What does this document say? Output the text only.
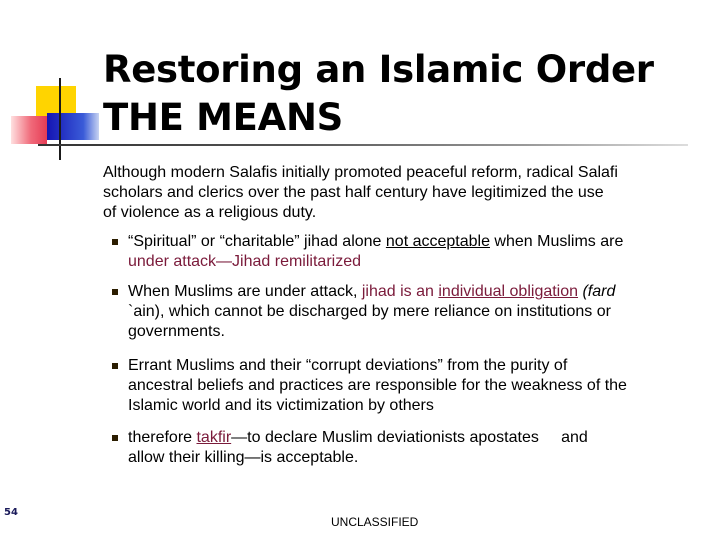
Restoring an Islamic Order
THE MEANS

Although modern Salafis initially promoted peaceful reform, radical Salafi
scholars and clerics over the past half century have legitimized the use
of violence as a religious duty.

“Spiritual” or “charitable” jihad alone not acceptable when Muslims are
under attack—Jihad remilitarized
When Muslims are under attack, jihad is an individual obligation (fard
`ain), which cannot be discharged by mere reliance on institutions or
governments.
Errant Muslims and their “corrupt deviations” from the purity of
ancestral beliefs and practices are responsible for the weakness of the
Islamic world and its victimization by others
therefore takfir—to declare Muslim deviationists apostates     and
allow their killing—is acceptable.
54
UNCLASSIFIED
